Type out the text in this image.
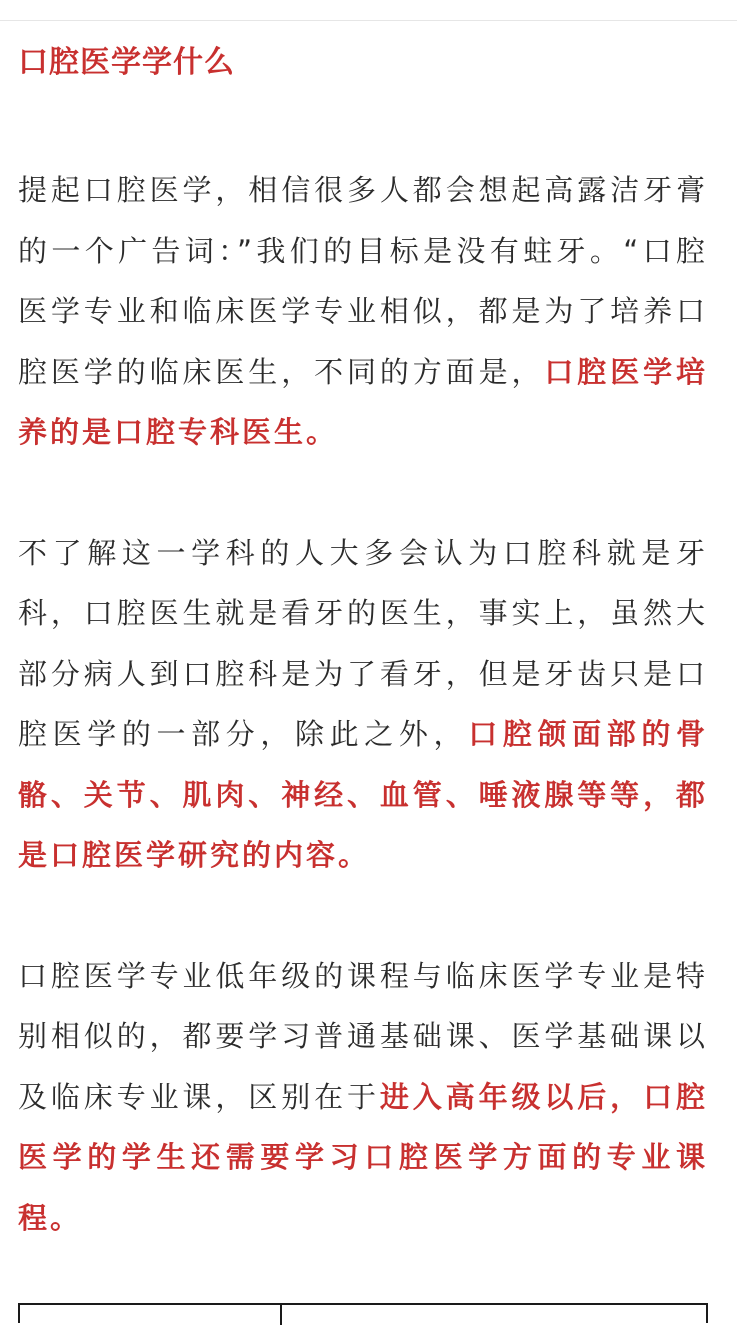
口腔医学学什么

提起口腔医学，相信很多人都会想起高露洁牙膏的一个广告词：”我们的目标是没有蛀牙。“口腔医学专业和临床医学专业相似，都是为了培养口腔医学的临床医生，不同的方面是，口腔医学培养的是口腔专科医生。

不了解这一学科的人大多会认为口腔科就是牙科，口腔医生就是看牙的医生，事实上，虽然大部分病人到口腔科是为了看牙，但是牙齿只是口腔医学的一部分，除此之外，口腔颌面部的骨骼、关节、肌肉、神经、血管、唾液腺等等，都是口腔医学研究的内容。

口腔医学专业低年级的课程与临床医学专业是特别相似的，都要学习普通基础课、医学基础课以及临床专业课，区别在于进入高年级以后，口腔医学的学生还需要学习口腔医学方面的专业课程。
